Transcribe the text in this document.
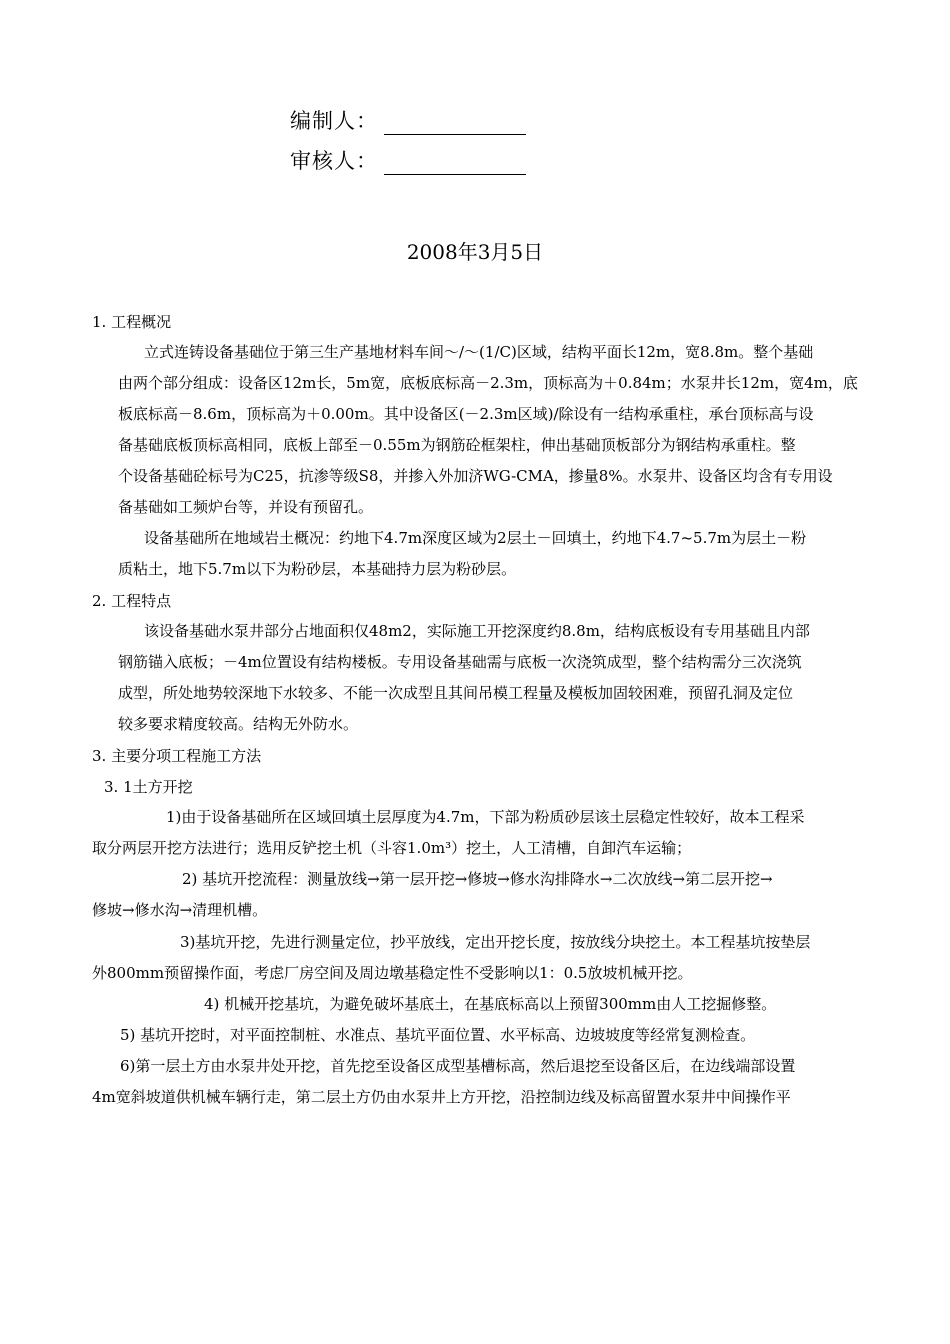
编制人：
审核人：
2008年3月5日
1. 工程概况
立式连铸设备基础位于第三生产基地材料车间～/～(1/C)区域，结构平面长12m，宽8.8m。整个基础
由两个部分组成：设备区12m长，5m宽，底板底标高－2.3m，顶标高为＋0.84m；水泵井长12m，宽4m，底
板底标高－8.6m，顶标高为＋0.00m。其中设备区(－2.3m区域)/除设有一结构承重柱，承台顶标高与设
备基础底板顶标高相同，底板上部至－0.55m为钢筋砼框架柱，伸出基础顶板部分为钢结构承重柱。整
个设备基础砼标号为C25，抗渗等级S8，并掺入外加济WG-CMA，掺量8%。水泵井、设备区均含有专用设
备基础如工频炉台等，并设有预留孔。
设备基础所在地域岩土概况：约地下4.7m深度区域为2层土－回填土，约地下4.7~5.7m为层土－粉
质粘土，地下5.7m以下为粉砂层，本基础持力层为粉砂层。
2. 工程特点
该设备基础水泵井部分占地面积仅48m2，实际施工开挖深度约8.8m，结构底板设有专用基础且内部
钢筋锚入底板；－4m位置设有结构楼板。专用设备基础需与底板一次浇筑成型，整个结构需分三次浇筑
成型，所处地势较深地下水较多、不能一次成型且其间吊模工程量及模板加固较困难，预留孔洞及定位
较多要求精度较高。结构无外防水。
3. 主要分项工程施工方法
3. 1土方开挖
1)由于设备基础所在区域回填土层厚度为4.7m，下部为粉质砂层该土层稳定性较好，故本工程采
取分两层开挖方法进行；选用反铲挖土机（斗容1.0m³）挖土，人工清槽，自卸汽车运输；
2) 基坑开挖流程：测量放线→第一层开挖→修坡→修水沟排降水→二次放线→第二层开挖→
修坡→修水沟→清理机槽。
3)基坑开挖，先进行测量定位，抄平放线，定出开挖长度，按放线分块挖土。本工程基坑按垫层
外800mm预留操作面，考虑厂房空间及周边墩基稳定性不受影响以1：0.5放坡机械开挖。
4) 机械开挖基坑，为避免破坏基底土，在基底标高以上预留300mm由人工挖掘修整。
5) 基坑开挖时，对平面控制桩、水准点、基坑平面位置、水平标高、边坡坡度等经常复测检查。
6)第一层土方由水泵井处开挖，首先挖至设备区成型基槽标高，然后退挖至设备区后，在边线端部设置
4m宽斜坡道供机械车辆行走，第二层土方仍由水泵井上方开挖，沿控制边线及标高留置水泵井中间操作平
